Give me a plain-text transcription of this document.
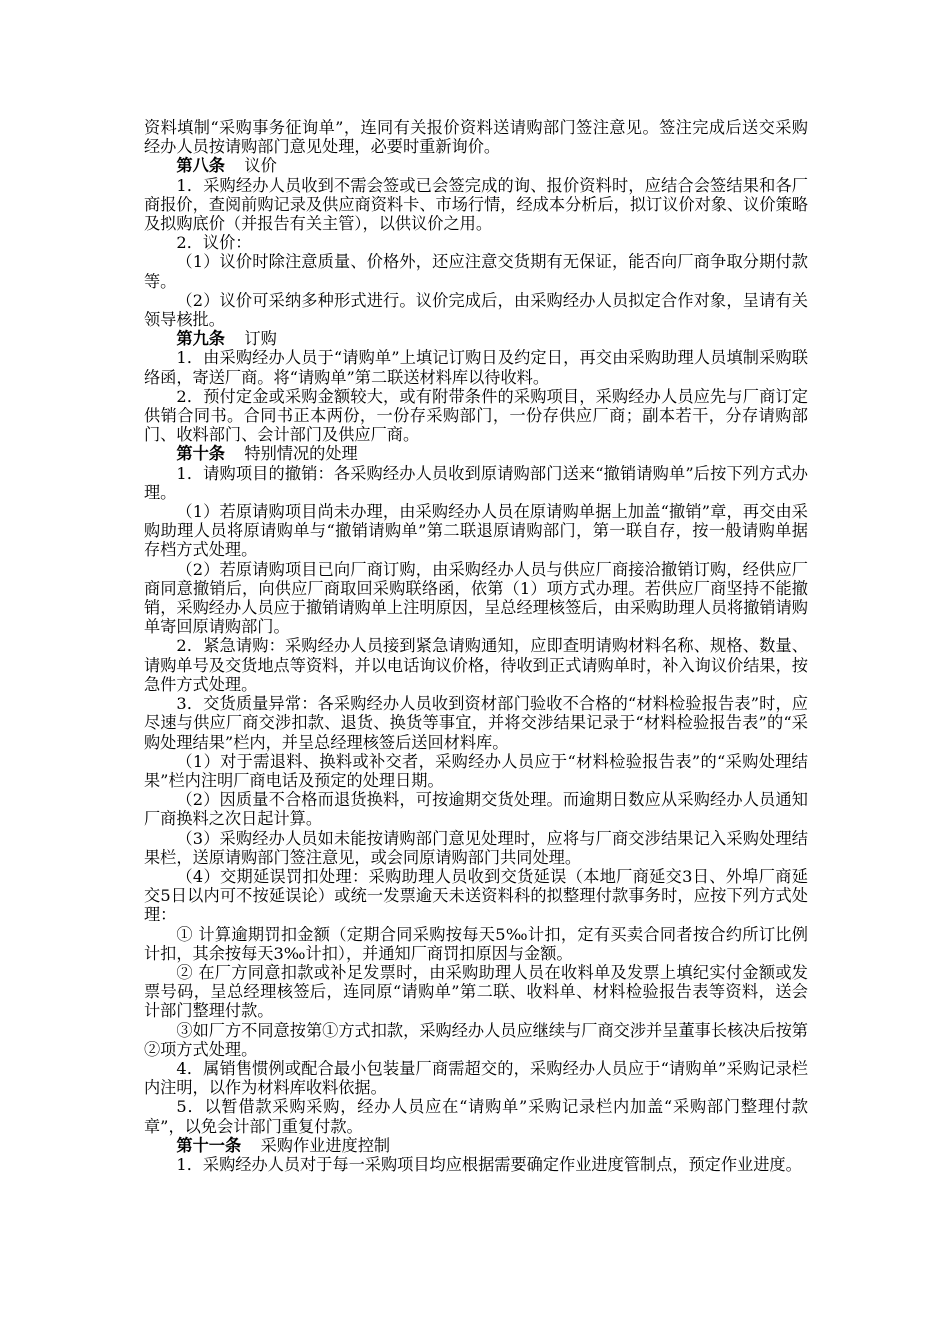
资料填制“采购事务征询单”，连同有关报价资料送请购部门签注意见。签注完成后送交采购经办人员按请购部门意见处理，必要时重新询价。

第八条 议价

1．采购经办人员收到不需会签或已会签完成的询、报价资料时，应结合会签结果和各厂商报价，查阅前购记录及供应商资料卡、市场行情，经成本分析后，拟订议价对象、议价策略及拟购底价（并报告有关主管），以供议价之用。

2．议价：

（1）议价时除注意质量、价格外，还应注意交货期有无保证，能否向厂商争取分期付款等。

（2）议价可采纳多种形式进行。议价完成后，由采购经办人员拟定合作对象，呈请有关领导核批。

第九条 订购

1．由采购经办人员于“请购单”上填记订购日及约定日，再交由采购助理人员填制采购联络函，寄送厂商。将“请购单”第二联送材料库以待收料。

2．预付定金或采购金额较大，或有附带条件的采购项目，采购经办人员应先与厂商订定供销合同书。合同书正本两份，一份存采购部门，一份存供应厂商；副本若干，分存请购部门、收料部门、会计部门及供应厂商。

第十条 特别情况的处理

1．请购项目的撤销：各采购经办人员收到原请购部门送来“撤销请购单”后按下列方式办理。

（1）若原请购项目尚未办理，由采购经办人员在原请购单据上加盖“撤销”章，再交由采购助理人员将原请购单与“撤销请购单”第二联退原请购部门，第一联自存，按一般请购单据存档方式处理。

（2）若原请购项目已向厂商订购，由采购经办人员与供应厂商接洽撤销订购，经供应厂商同意撤销后，向供应厂商取回采购联络函，依第（1）项方式办理。若供应厂商坚持不能撤销，采购经办人员应于撤销请购单上注明原因，呈总经理核签后，由采购助理人员将撤销请购单寄回原请购部门。

2．紧急请购：采购经办人员接到紧急请购通知，应即查明请购材料名称、规格、数量、请购单号及交货地点等资料，并以电话询议价格，待收到正式请购单时，补入询议价结果，按急件方式处理。

3．交货质量异常：各采购经办人员收到资材部门验收不合格的“材料检验报告表”时，应尽速与供应厂商交涉扣款、退货、换货等事宜，并将交涉结果记录于“材料检验报告表”的“采购处理结果”栏内，并呈总经理核签后送回材料库。

（1）对于需退料、换料或补交者，采购经办人员应于“材料检验报告表”的“采购处理结果”栏内注明厂商电话及预定的处理日期。

（2）因质量不合格而退货换料，可按逾期交货处理。而逾期日数应从采购经办人员通知厂商换料之次日起计算。

（3）采购经办人员如未能按请购部门意见处理时，应将与厂商交涉结果记入采购处理结果栏，送原请购部门签注意见，或会同原请购部门共同处理。

（4）交期延误罚扣处理：采购助理人员收到交货延误（本地厂商延交3日、外埠厂商延交5日以内可不按延误论）或统一发票逾天未送资料科的拟整理付款事务时，应按下列方式处理：

① 计算逾期罚扣金额（定期合同采购按每天5‰计扣，定有买卖合同者按合约所订比例计扣，其余按每天3‰计扣），并通知厂商罚扣原因与金额。

② 在厂方同意扣款或补足发票时，由采购助理人员在收料单及发票上填纪实付金额或发票号码，呈总经理核签后，连同原“请购单”第二联、收料单、材料检验报告表等资料，送会计部门整理付款。

③如厂方不同意按第①方式扣款，采购经办人员应继续与厂商交涉并呈董事长核决后按第②项方式处理。

4．属销售惯例或配合最小包装量厂商需超交的，采购经办人员应于“请购单”采购记录栏内注明，以作为材料库收料依据。

5．以暂借款采购采购，经办人员应在“请购单”采购记录栏内加盖“采购部门整理付款章”，以免会计部门重复付款。

第十一条 采购作业进度控制

1．采购经办人员对于每一采购项目均应根据需要确定作业进度管制点，预定作业进度。
